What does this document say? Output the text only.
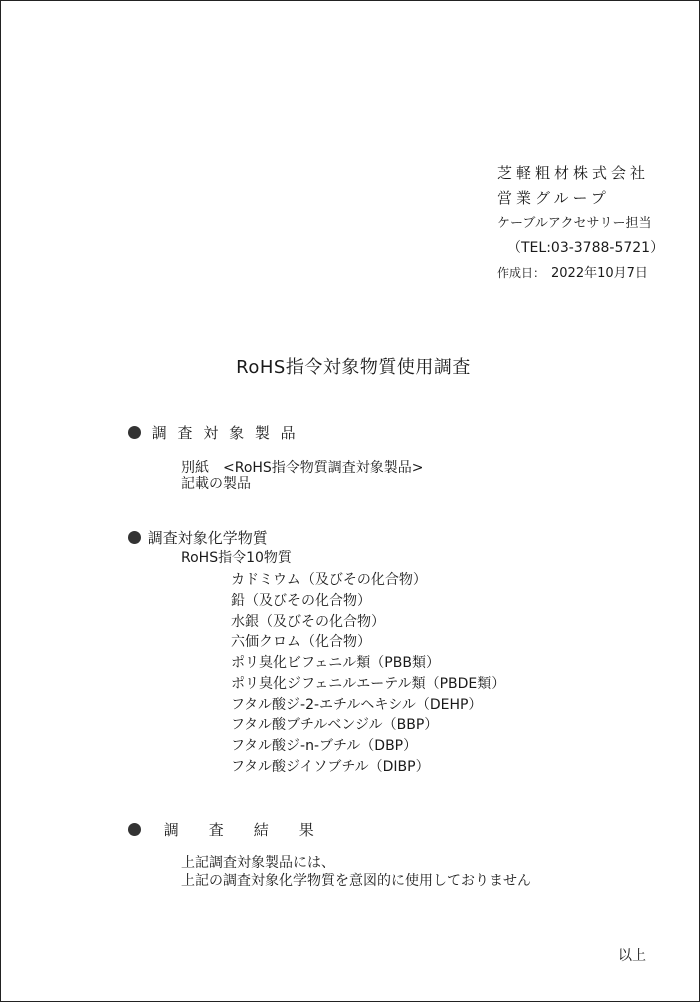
芝軽粗材株式会社
営業グループ
ケーブルアクセサリー担当
（TEL:03-3788-5721）
作成日： 2022年10月7日
RoHS指令対象物質使用調査
調 査 対 象 製 品
別紙　<RoHS指令物質調査対象製品>
記載の製品
調査対象化学物質
RoHS指令10物質
カドミウム（及びその化合物）
鉛（及びその化合物）
水銀（及びその化合物）
六価クロム（化合物）
ポリ臭化ビフェニル類（PBB類）
ポリ臭化ジフェニルエーテル類（PBDE類）
フタル酸ジ-2-エチルヘキシル（DEHP）
フタル酸ブチルベンジル（BBP）
フタル酸ジ-n-ブチル（DBP）
フタル酸ジイソブチル（DIBP）
調　　査　　結　　果
上記調査対象製品には、
上記の調査対象化学物質を意図的に使用しておりません
以上
